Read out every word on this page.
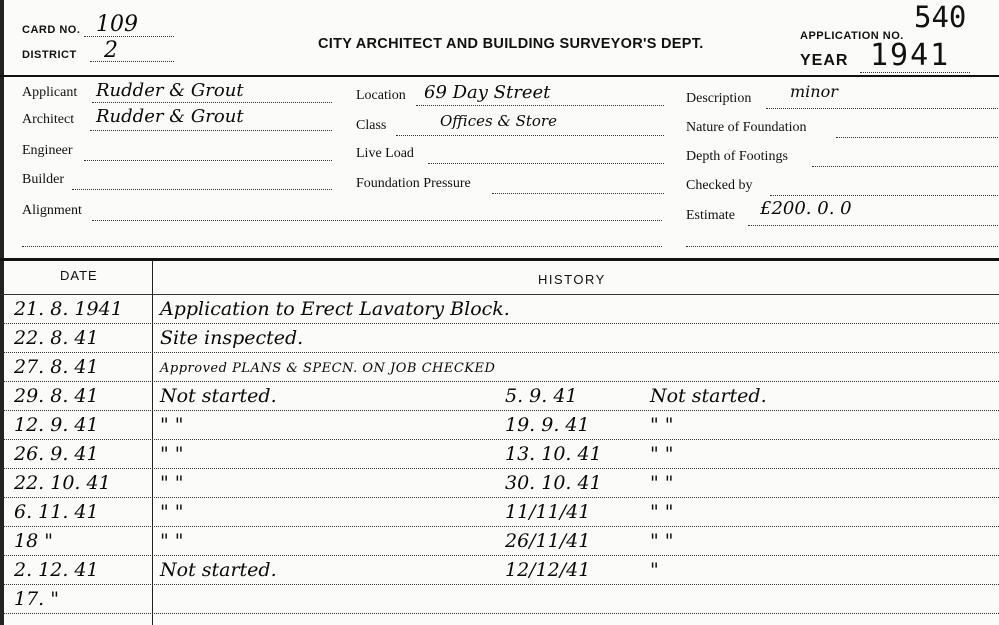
CARD NO. 109
DISTRICT 2	CITY ARCHITECT AND BUILDING SURVEYOR'S DEPT.	APPLICATION NO.
540
YEAR 1941
Applicant Rudder & Grout
Architect Rudder & Grout
Engineer
Builder
Alignment
Location 69 Day Street
Class	Offices & Store
Live Load
Foundation Pressure
Description minor
Nature of Foundation
Depth of Footings
Checked by
Estimate £200. 0. 0
DATE	HISTORY
21. 8. 1941	Application to Erect Lavatory Block.
22. 8. 41	Site inspected.
27. 8. 41	Approved PLANS & SPECN. ON JOB CHECKED
29. 8. 41	Not started.	5. 9. 41	Not started.
12. 9. 41	" "	19. 9. 41	" "
26. 9. 41	" "	13. 10. 41	" "
22. 10. 41	" "	30. 10. 41	" "
6. 11. 41	" "	11/11/41	" "
18 "	" "	26/11/41	" "
2. 12. 41	Not started.	12/12/41	"
17. "
